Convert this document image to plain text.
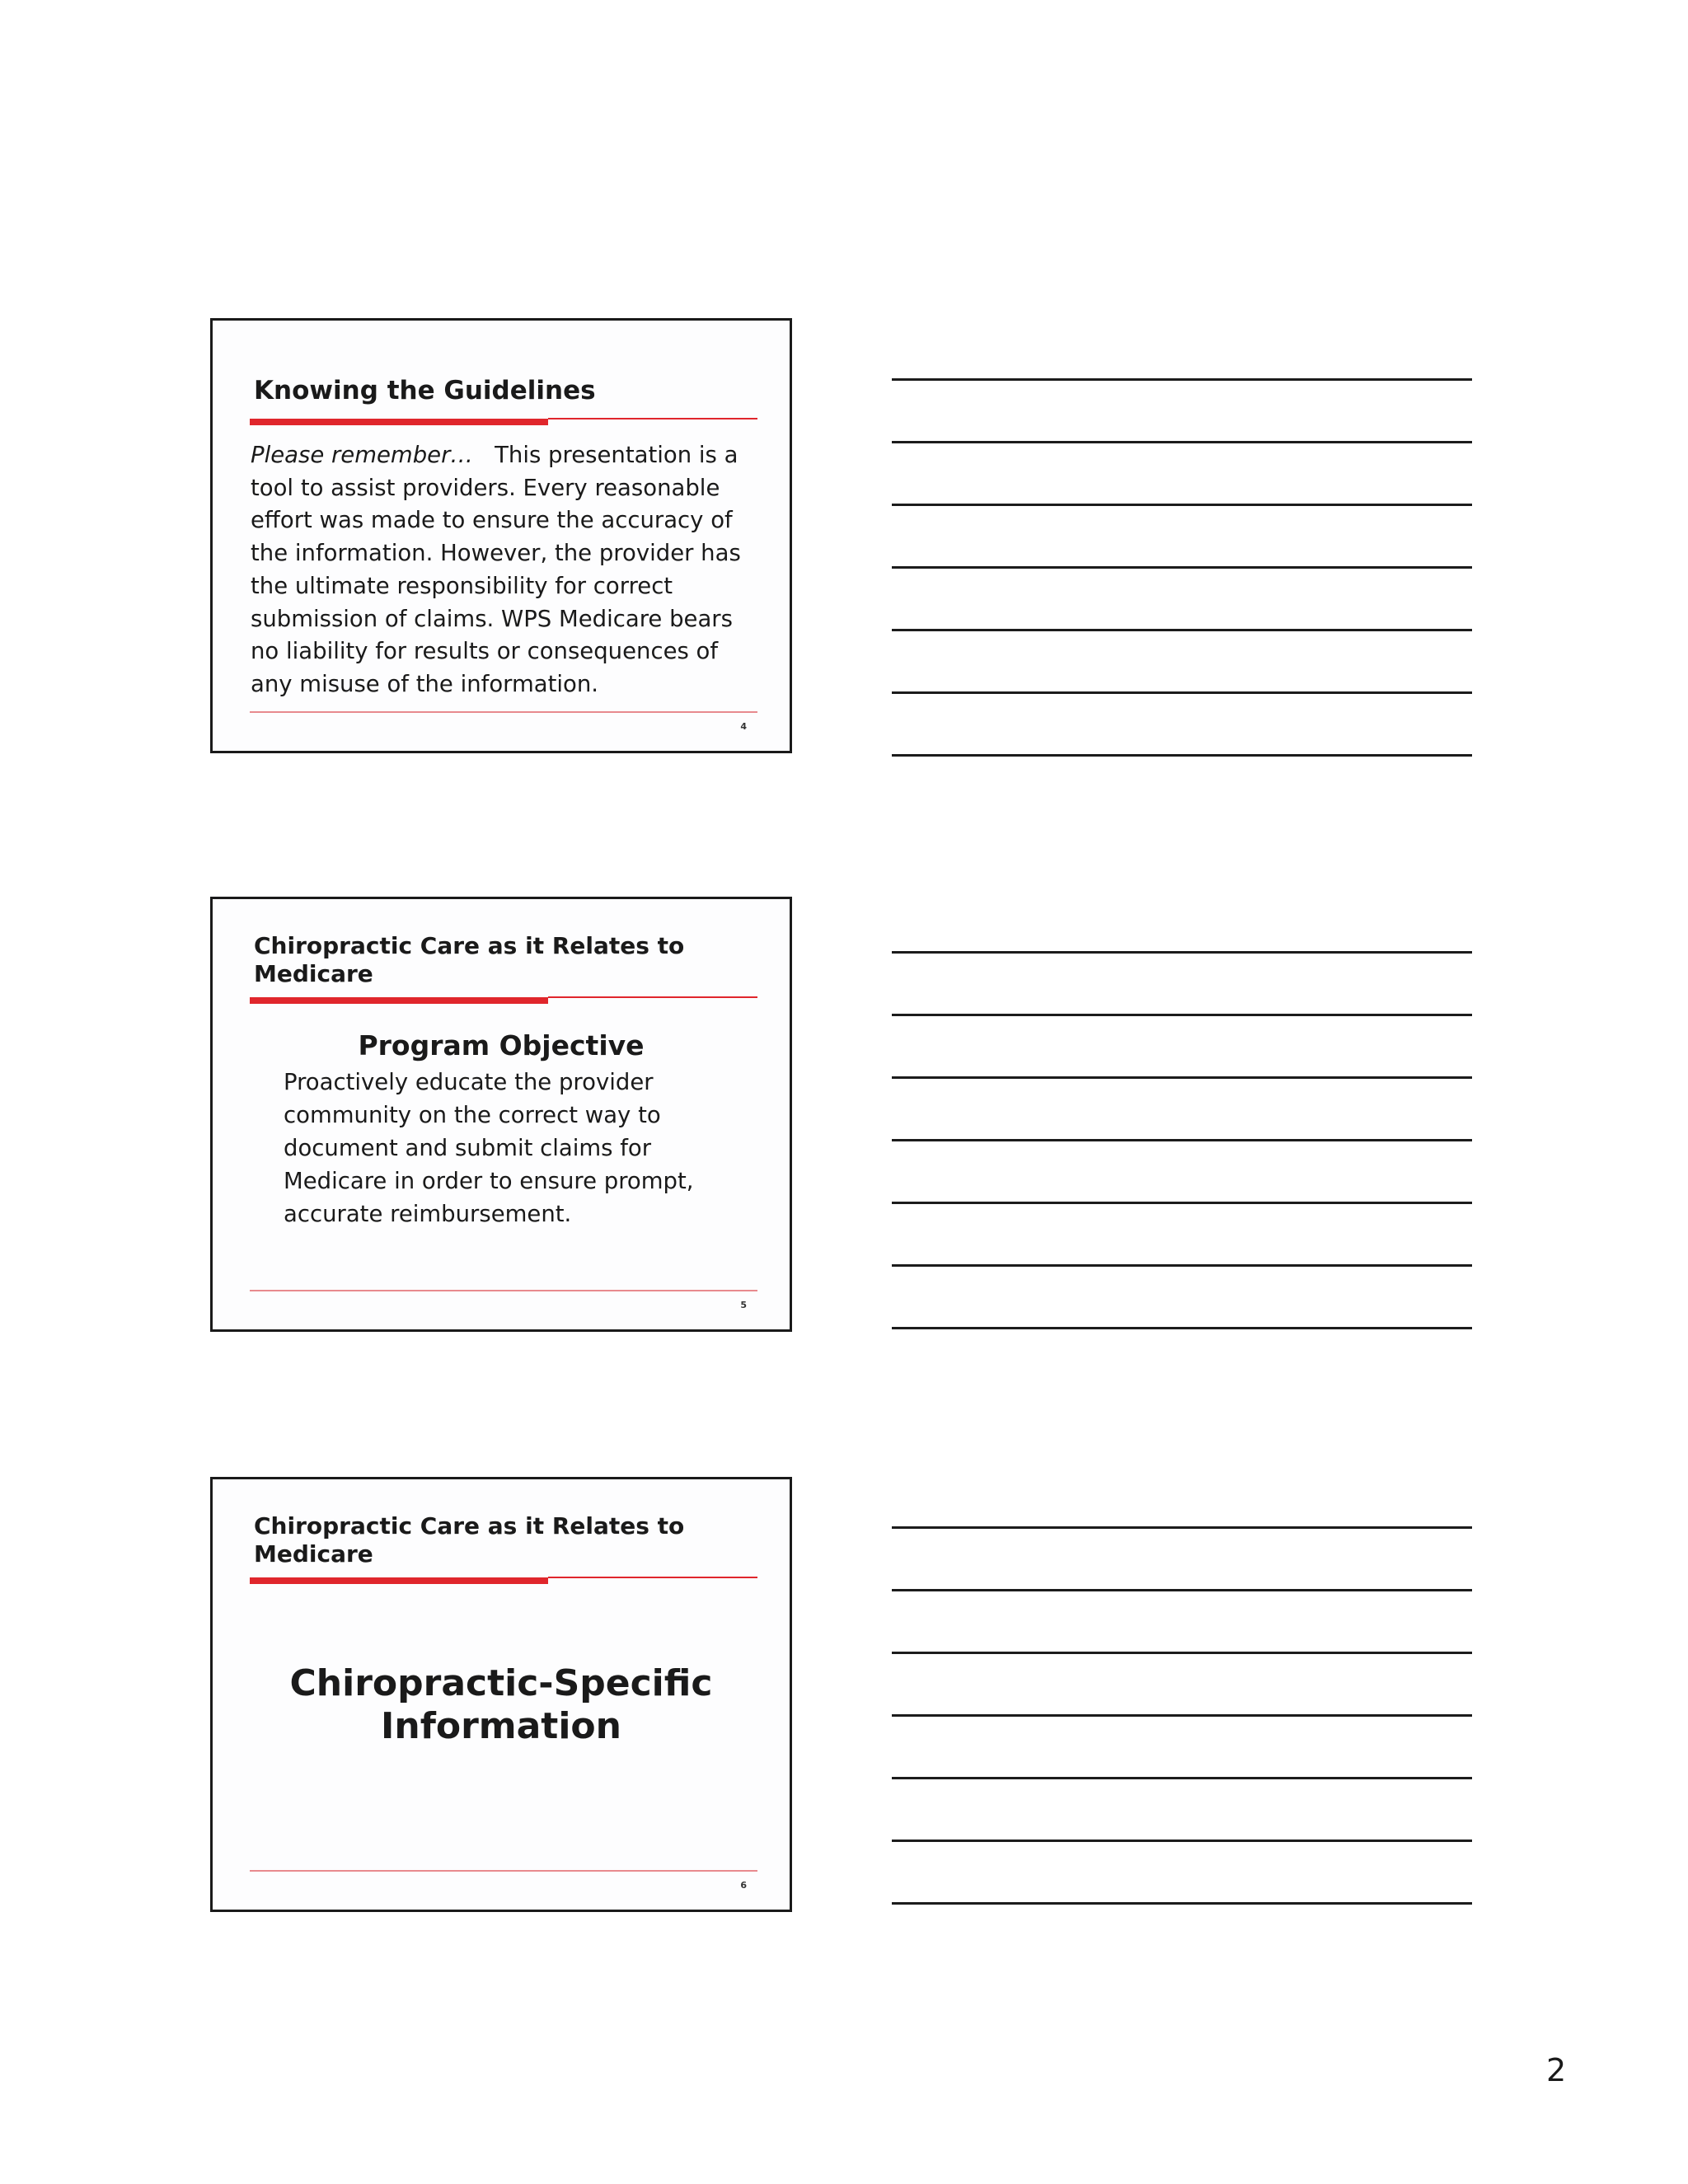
Knowing the Guidelines
Please remember… This presentation is a tool to assist providers. Every reasonable effort was made to ensure the accuracy of the information. However, the provider has the ultimate responsibility for correct submission of claims. WPS Medicare bears no liability for results or consequences of any misuse of the information.
4
Chiropractic Care as it Relates to Medicare
Program Objective
Proactively educate the provider community on the correct way to document and submit claims for Medicare in order to ensure prompt, accurate reimbursement.
5
Chiropractic Care as it Relates to Medicare
Chiropractic-Specific Information
6
2
